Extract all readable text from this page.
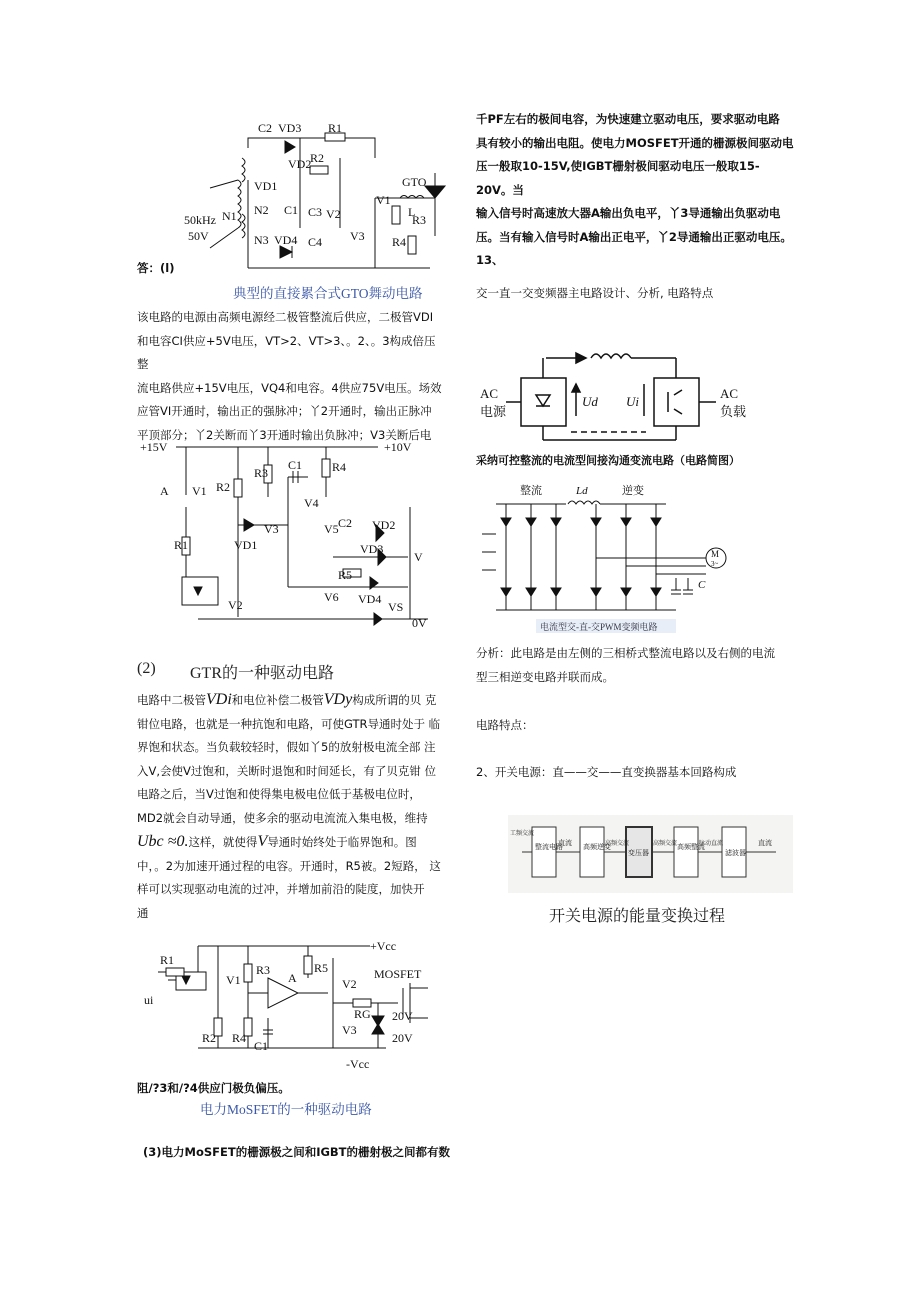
C2 VD3 R1
VD2
R2
VD1
N2
N1
N3
C1 C3 V2
V1
GTO
L
R3
V3 R4
C4
VD4
50kHz
50V
答：(l)
典型的直接累合式GTO舞动电路
该电路的电源由高频电源经二极管整流后供应，二极管VDI
和电容CI供应+5V电压，VT>2、VT>3、。2、。3构成倍压整
流电路供应+15V电压，VQ4和电容。4供应75V电压。场效
应管VI开通时，输出正的强脉冲；丫2开通时，输出正脉冲
平顶部分；丫2关断而丫3开通时输出负脉冲；V3关断后电
+15V	+10V
A V1 R2
R3
C1 R4
V4
V3
VD1
R1
V2
V5 C2 VD2
VD3
V
R5
V6 VD4
VS
0V
(2) GTR的一种驱动电路
电路中二极管VDi和电位补偿二极管VDy构成所谓的贝 克
钳位电路，也就是一种抗饱和电路，可使GTR导通时处于 临
界饱和状态。当负载较轻时，假如丫5的放射极电流全部 注
入V,会使V过饱和，关断时退饱和时间延长，有了贝克钳 位
电路之后，当V过饱和使得集电极电位低于基极电位时，
MD2就会自动导通，使多余的驱动电流流入集电极，维持
Ubc ≈0.这样，就使得V导通时始终处于临界饱和。图
中，。2为加速开通过程的电容。开通时，R5被。2短路， 这
样可以实现驱动电流的过冲，并增加前沿的陡度，加快开
通
+Vcc
R1
V1
R3
A
R5
V2
MOSFET
ui
RG
V3
20V
20V
R2 R4
C1
-Vcc
阻/?3和/?4供应门极负偏压。
电力MoSFET的一种驱动电路
(3)电力MoSFET的栅源极之间和IGBT的栅射极之间都有数
千PF左右的极间电容，为快速建立驱动电压，要求驱动电路
具有较小的输出电阻。使电力MOSFET开通的栅源极间驱动电
压一般取10-15V,使IGBT栅射极间驱动电压一般取15-20V。当
输入信号时高速放大器A输出负电平，丫3导通输出负驱动电
压。当有输入信号时A输出正电平，丫2导通输出正驱动电压。
13、
交一直一交变频器主电路设计、分析, 电路特点
AC
电源
Ud Ui
AC
负载
采纳可控整流的电流型间接沟通变流电路（电路简图）
整流	Ld	逆变
C
M
3~
电流型交-直-交PWM变频电路
分析：此电路是由左侧的三相桥式整流电路以及右侧的电流
型三相逆变电路并联而成。
电路特点：
2、开关电源：直——交——直变换器基本回路构成
整流电路	高频逆变
变压器
高频整流
滤波器
工频交流
直流	高频交流	高频交流	脉动直流	直流
开关电源的能量变换过程
